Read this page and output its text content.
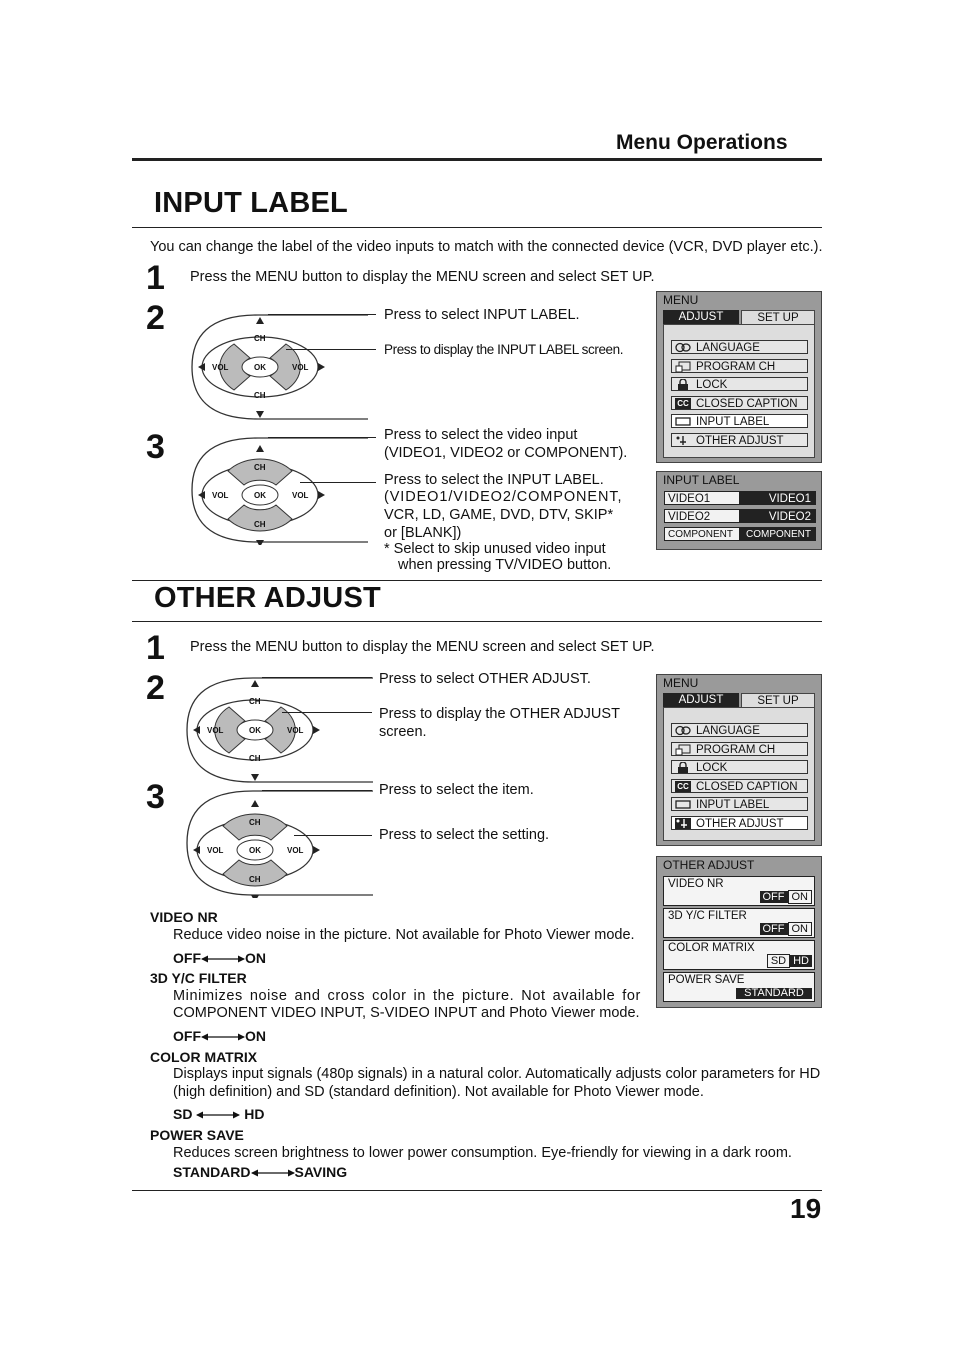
Menu Operations
INPUT LABEL
You can change the label of the video inputs to match with the connected device (VCR, DVD player etc.).
1 Press the MENU button to display the MENU screen and select SET UP.
2
3
CH
CH
VOL	VOL
OK
Press to select INPUT LABEL.
Press to display the INPUT LABEL screen.
CH
CH
VOL	VOL
OK
Press to select the video input
(VIDEO1, VIDEO2 or COMPONENT).
Press to select the INPUT LABEL.
(VIDEO1/VIDEO2/COMPONENT,
VCR, LD, GAME, DVD, DTV, SKIP*
or [BLANK])
* Select to skip unused video input
when pressing TV/VIDEO button.
MENU
ADJUST	SET UP
LANGUAGE
PROGRAM CH
LOCK
CC CLOSED CAPTION
INPUT LABEL
OTHER ADJUST
INPUT LABEL
VIDEO1	VIDEO1
VIDEO2	VIDEO2
COMPONENT	COMPONENT
OTHER ADJUST
1 Press the MENU button to display the MENU screen and select SET UP.
2
3
CH
CH
VOL	VOL
OK
Press to select OTHER ADJUST.
Press to display the OTHER ADJUST
screen.
CH
CH
VOL	VOL
OK
Press to select the item.
Press to select the setting.
MENU
ADJUST	SET UP
LANGUAGE
PROGRAM CH
LOCK
CC CLOSED CAPTION
INPUT LABEL
OTHER ADJUST
OTHER ADJUST
VIDEO NR
OFF ON
3D Y/C FILTER
OFF ON
COLOR MATRIX
SD HD
POWER SAVE
STANDARD
VIDEO NR
Reduce video noise in the picture. Not available for Photo Viewer mode.
OFF	ON
3D Y/C FILTER
Minimizes noise and cross color in the picture. Not available for
COMPONENT VIDEO INPUT, S-VIDEO INPUT and Photo Viewer mode.
OFF	ON
COLOR MATRIX
Displays input signals (480p signals) in a natural color. Automatically adjusts color parameters for HD
(high definition) and SD (standard definition). Not available for Photo Viewer mode.
SD	HD
POWER SAVE
Reduces screen brightness to lower power consumption. Eye-friendly for viewing in a dark room.
STANDARD	SAVING
19
